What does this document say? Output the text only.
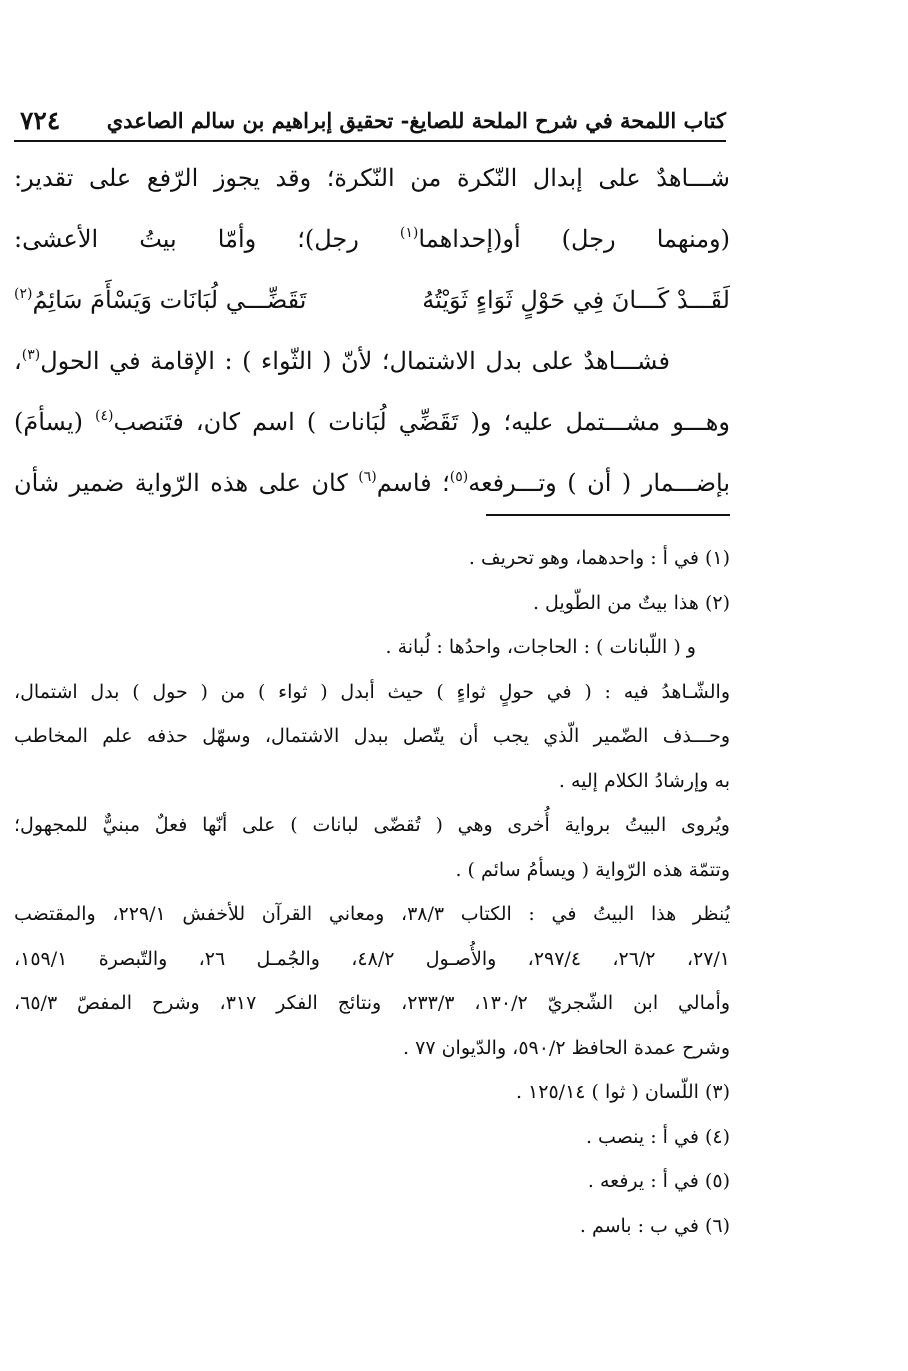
كتاب اللمحة في شرح الملحة للصايغ- تحقيق إبراهيم بن سالم الصاعدي
٧٢٤
شـــاهدٌ على إبدال النّكرة من النّكرة؛ وقد يجوز الرّفع على تقدير:
(ومنهما رجل) أو(إحداهما$^{(١)}$ رجل)؛ وأمّا بيتُ الأعشى:
لَقَـــدْ كَـــانَ فِي حَوْلٍ ثَوَاءٍ ثَوَيْتُهُ
تَقَضِّـــي لُبَانَات وَيَسْأَمَ سَائِمُ$^{(٢)}$
فشـــاهدٌ على بدل الاشتمال؛ لأنّ ( الثّواء ) : الإقامة في الحول$^{(٣)}$،
وهـــو مشـــتمل عليه؛ و( تَقَضِّي لُبَانات ) اسم كان، فتَنصب$^{(٤)}$ (يسأمَ)
بإضـــمار ( أن ) وتـــرفعه$^{(٥)}$؛ فاسم$^{(٦)}$ كان على هذه الرّواية ضمير شأن
(١) في أ : واحدهما، وهو تحريف .
(٢) هذا بيتٌ من الطّويل .
و ( اللّبانات ) : الحاجات، واحدُها : لُبانة .
والشّـاهدُ فيه : ( في حولٍ ثواءٍ ) حيث أبدل ( ثواء ) من ( حول ) بدل اشتمال،
وحـــذف الضّمير الّذي يجب أن يتّصل ببدل الاشتمال، وسهّل حذفه علم المخاطب
به وإرشادُ الكلام إليه .
ويُروى البيتُ برواية أُخرى وهي ( تُقضّى لبانات ) على أنّها فعلٌ مبنيٌّ للمجهول؛
وتتمّة هذه الرّواية ( ويسأمُ سائم ) .
يُنظر هذا البيتُ في : الكتاب ٣٨/٣، ومعاني القرآن للأخفش ٢٢٩/١، والمقتضب
٢٧/١، ٢٦/٢، ٢٩٧/٤، والأُصـول ٤٨/٢، والجُمـل ٢٦، والتّبصرة ١٥٩/١،
وأمالي ابن الشّجريّ ١٣٠/٢، ٢٣٣/٣، ونتائج الفكر ٣١٧، وشرح المفصّ ٦٥/٣،
وشرح عمدة الحافظ ٥٩٠/٢، والدّيوان ٧٧ .
(٣) اللّسان ( ثوا ) ١٢٥/١٤ .
(٤) في أ : ينصب .
(٥) في أ : يرفعه .
(٦) في ب : باسم .
